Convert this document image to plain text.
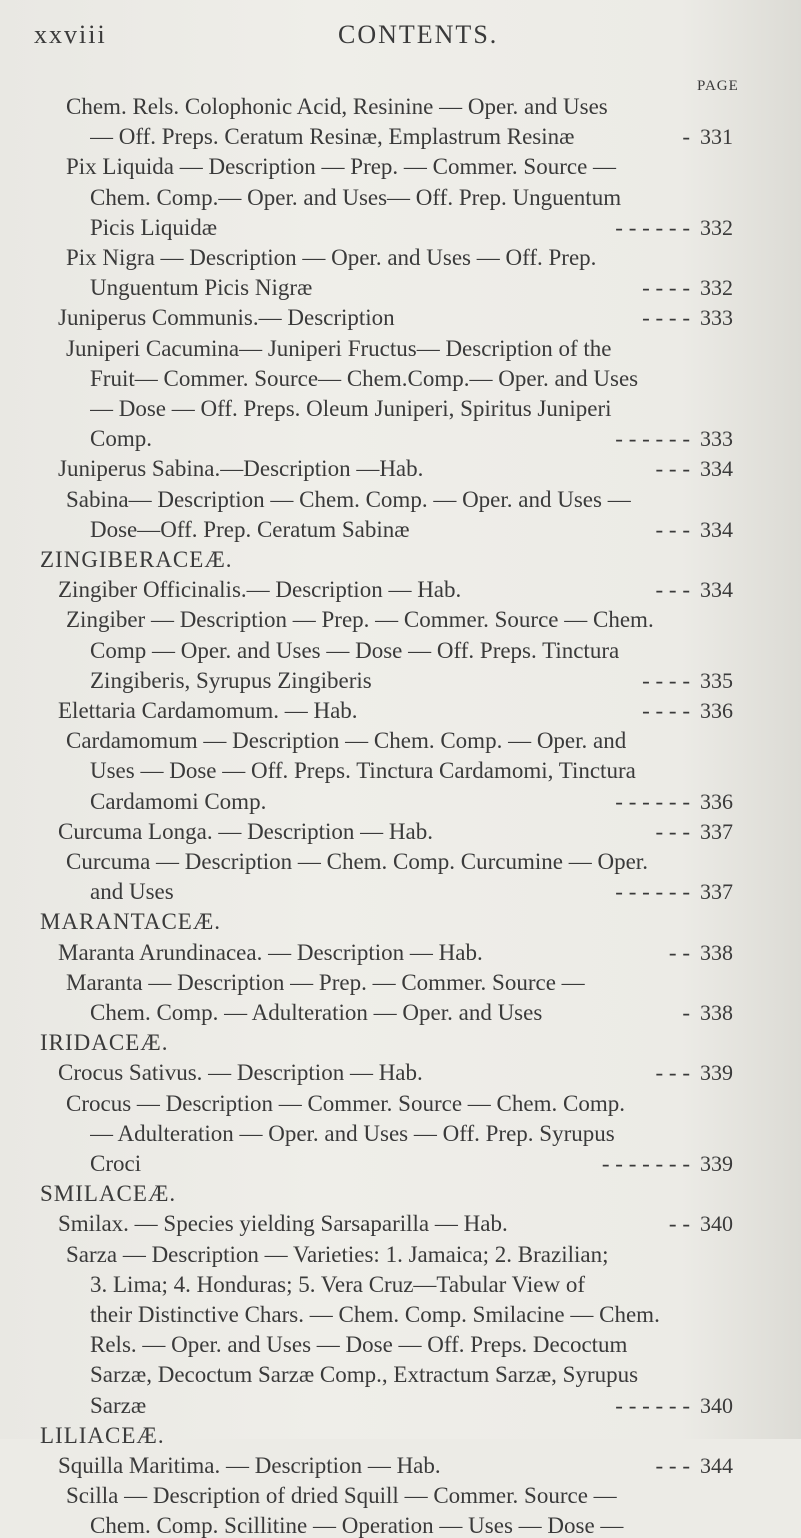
xxviii	CONTENTS.
PAGE
Chem. Rels. Colophonic Acid, Resinine — Oper. and Uses
— Off. Preps. Ceratum Resinæ, Emplastrum Resinæ	- 331
Pix Liquida — Description — Prep. — Commer. Source —
Chem. Comp.— Oper. and Uses— Off. Prep. Unguentum
Picis Liquidæ	- - - - - - 332
Pix Nigra — Description — Oper. and Uses — Off. Prep.
Unguentum Picis Nigræ	- - - - 332
Juniperus Communis.— Description	- - - - 333
Juniperi Cacumina— Juniperi Fructus— Description of the
Fruit— Commer. Source— Chem.Comp.— Oper. and Uses
— Dose — Off. Preps. Oleum Juniperi, Spiritus Juniperi
Comp.	- - - - - - 333
Juniperus Sabina.—Description —Hab.	- - - 334
Sabina— Description — Chem. Comp. — Oper. and Uses —
Dose—Off. Prep. Ceratum Sabinæ	- - - 334
ZINGIBERACEÆ.
Zingiber Officinalis.— Description — Hab.	- - - 334
Zingiber — Description — Prep. — Commer. Source — Chem.
Comp — Oper. and Uses — Dose — Off. Preps. Tinctura
Zingiberis, Syrupus Zingiberis	- - - - 335
Elettaria Cardamomum. — Hab.	- - - - 336
Cardamomum — Description — Chem. Comp. — Oper. and
Uses — Dose — Off. Preps. Tinctura Cardamomi, Tinctura
Cardamomi Comp.	- - - - - - 336
Curcuma Longa. — Description — Hab.	- - - 337
Curcuma — Description — Chem. Comp. Curcumine — Oper.
and Uses	- - - - - - 337
MARANTACEÆ.
Maranta Arundinacea. — Description — Hab.	- - 338
Maranta — Description — Prep. — Commer. Source —
Chem. Comp. — Adulteration — Oper. and Uses	- 338
IRIDACEÆ.
Crocus Sativus. — Description — Hab.	- - - 339
Crocus — Description — Commer. Source — Chem. Comp.
— Adulteration — Oper. and Uses — Off. Prep. Syrupus
Croci	- - - - - - - 339
SMILACEÆ.
Smilax. — Species yielding Sarsaparilla — Hab.	- - 340
Sarza — Description — Varieties: 1. Jamaica; 2. Brazilian;
3. Lima; 4. Honduras; 5. Vera Cruz—Tabular View of
their Distinctive Chars. — Chem. Comp. Smilacine — Chem.
Rels. — Oper. and Uses — Dose — Off. Preps. Decoctum
Sarzæ, Decoctum Sarzæ Comp., Extractum Sarzæ, Syrupus
Sarzæ	- - - - - - 340
LILIACEÆ.
Squilla Maritima. — Description — Hab.	- - - 344
Scilla — Description of dried Squill — Commer. Source —
Chem. Comp. Scillitine — Operation — Uses — Dose —
